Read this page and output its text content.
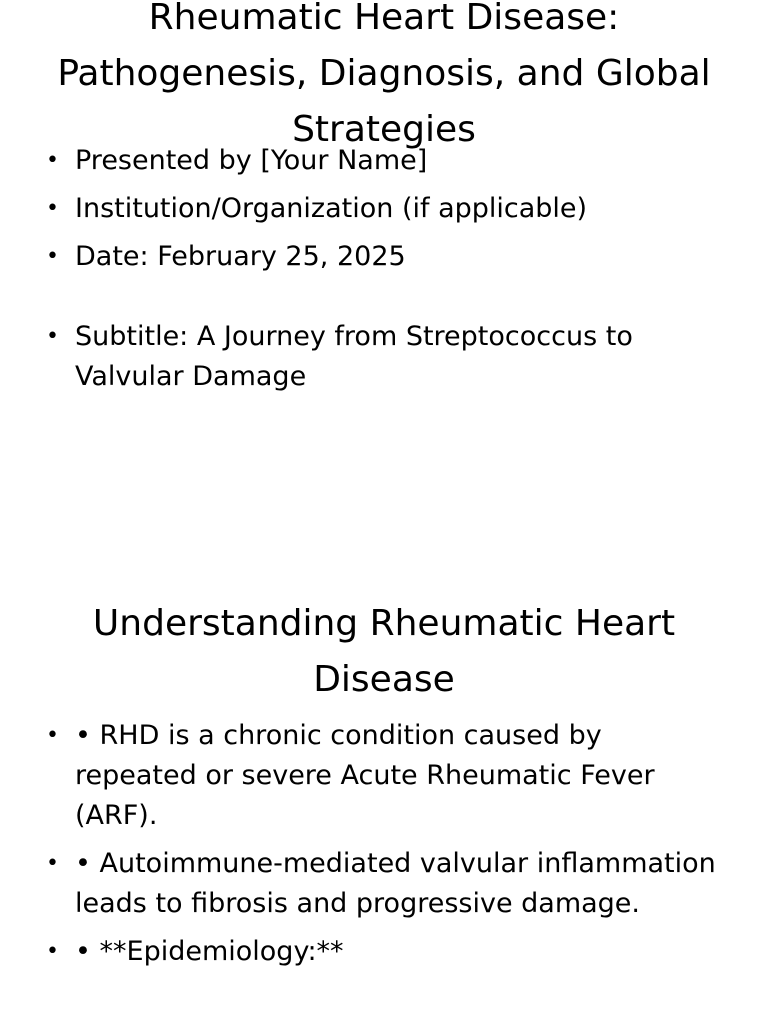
Rheumatic Heart Disease: Pathogenesis, Diagnosis, and Global Strategies
• Presented by [Your Name]
• Institution/Organization (if applicable)
• Date: February 25, 2025
• Subtitle: A Journey from Streptococcus to Valvular Damage
Understanding Rheumatic Heart Disease
• • RHD is a chronic condition caused by repeated or severe Acute Rheumatic Fever (ARF).
• • Autoimmune-mediated valvular inflammation leads to fibrosis and progressive damage.
• • **Epidemiology:**
